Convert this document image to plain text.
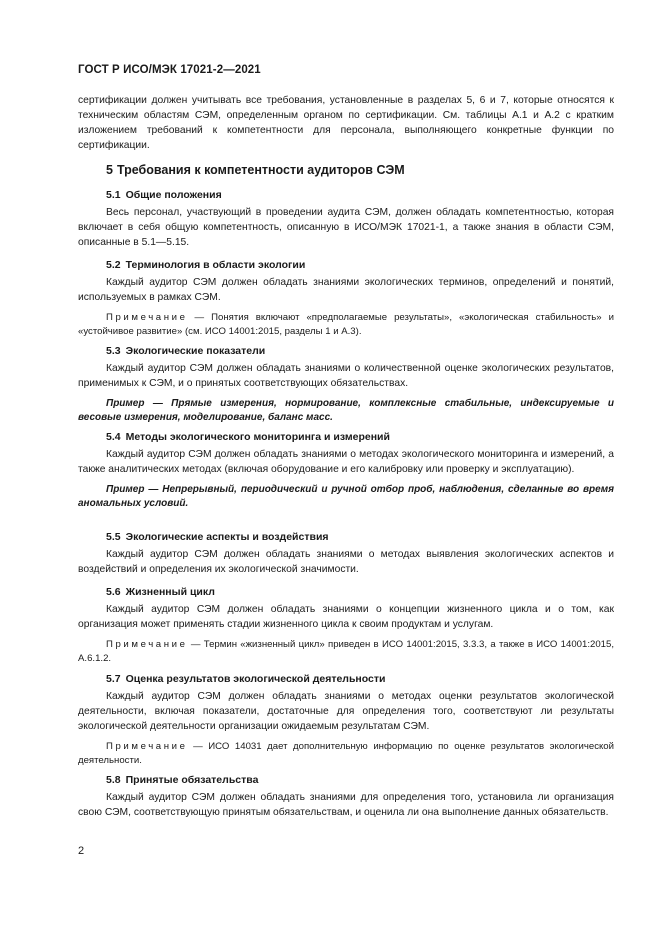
ГОСТ Р ИСО/МЭК 17021-2—2021

сертификации должен учитывать все требования, установленные в разделах 5, 6 и 7, которые относятся к техническим областям СЭМ, определенным органом по сертификации. См. таблицы А.1 и А.2 с кратким изложением требований к компетентности для персонала, выполняющего конкретные функции по сертификации.

5 Требования к компетентности аудиторов СЭМ

5.1 Общие положения

Весь персонал, участвующий в проведении аудита СЭМ, должен обладать компетентностью, которая включает в себя общую компетентность, описанную в ИСО/МЭК 17021-1, а также знания в области СЭМ, описанные в 5.1—5.15.

5.2 Терминология в области экологии

Каждый аудитор СЭМ должен обладать знаниями экологических терминов, определений и понятий, используемых в рамках СЭМ.

Примечание — Понятия включают «предполагаемые результаты», «экологическая стабильность» и «устойчивое развитие» (см. ИСО 14001:2015, разделы 1 и А.3).

5.3 Экологические показатели

Каждый аудитор СЭМ должен обладать знаниями о количественной оценке экологических результатов, применимых к СЭМ, и о принятых соответствующих обязательствах.

Пример — Прямые измерения, нормирование, комплексные стабильные, индексируемые и весовые измерения, моделирование, баланс масс.

5.4 Методы экологического мониторинга и измерений

Каждый аудитор СЭМ должен обладать знаниями о методах экологического мониторинга и измерений, а также аналитических методах (включая оборудование и его калибровку или проверку и эксплуатацию).

Пример — Непрерывный, периодический и ручной отбор проб, наблюдения, сделанные во время аномальных условий.

5.5 Экологические аспекты и воздействия

Каждый аудитор СЭМ должен обладать знаниями о методах выявления экологических аспектов и воздействий и определения их экологической значимости.

5.6 Жизненный цикл

Каждый аудитор СЭМ должен обладать знаниями о концепции жизненного цикла и о том, как организация может применять стадии жизненного цикла к своим продуктам и услугам.

Примечание — Термин «жизненный цикл» приведен в ИСО 14001:2015, 3.3.3, а также в ИСО 14001:2015, А.6.1.2.

5.7 Оценка результатов экологической деятельности

Каждый аудитор СЭМ должен обладать знаниями о методах оценки результатов экологической деятельности, включая показатели, достаточные для определения того, соответствуют ли результаты экологической деятельности организации ожидаемым результатам СЭМ.

Примечание — ИСО 14031 дает дополнительную информацию по оценке результатов экологической деятельности.

5.8 Принятые обязательства

Каждый аудитор СЭМ должен обладать знаниями для определения того, установила ли организация свою СЭМ, соответствующую принятым обязательствам, и оценила ли она выполнение данных обязательств.

2
